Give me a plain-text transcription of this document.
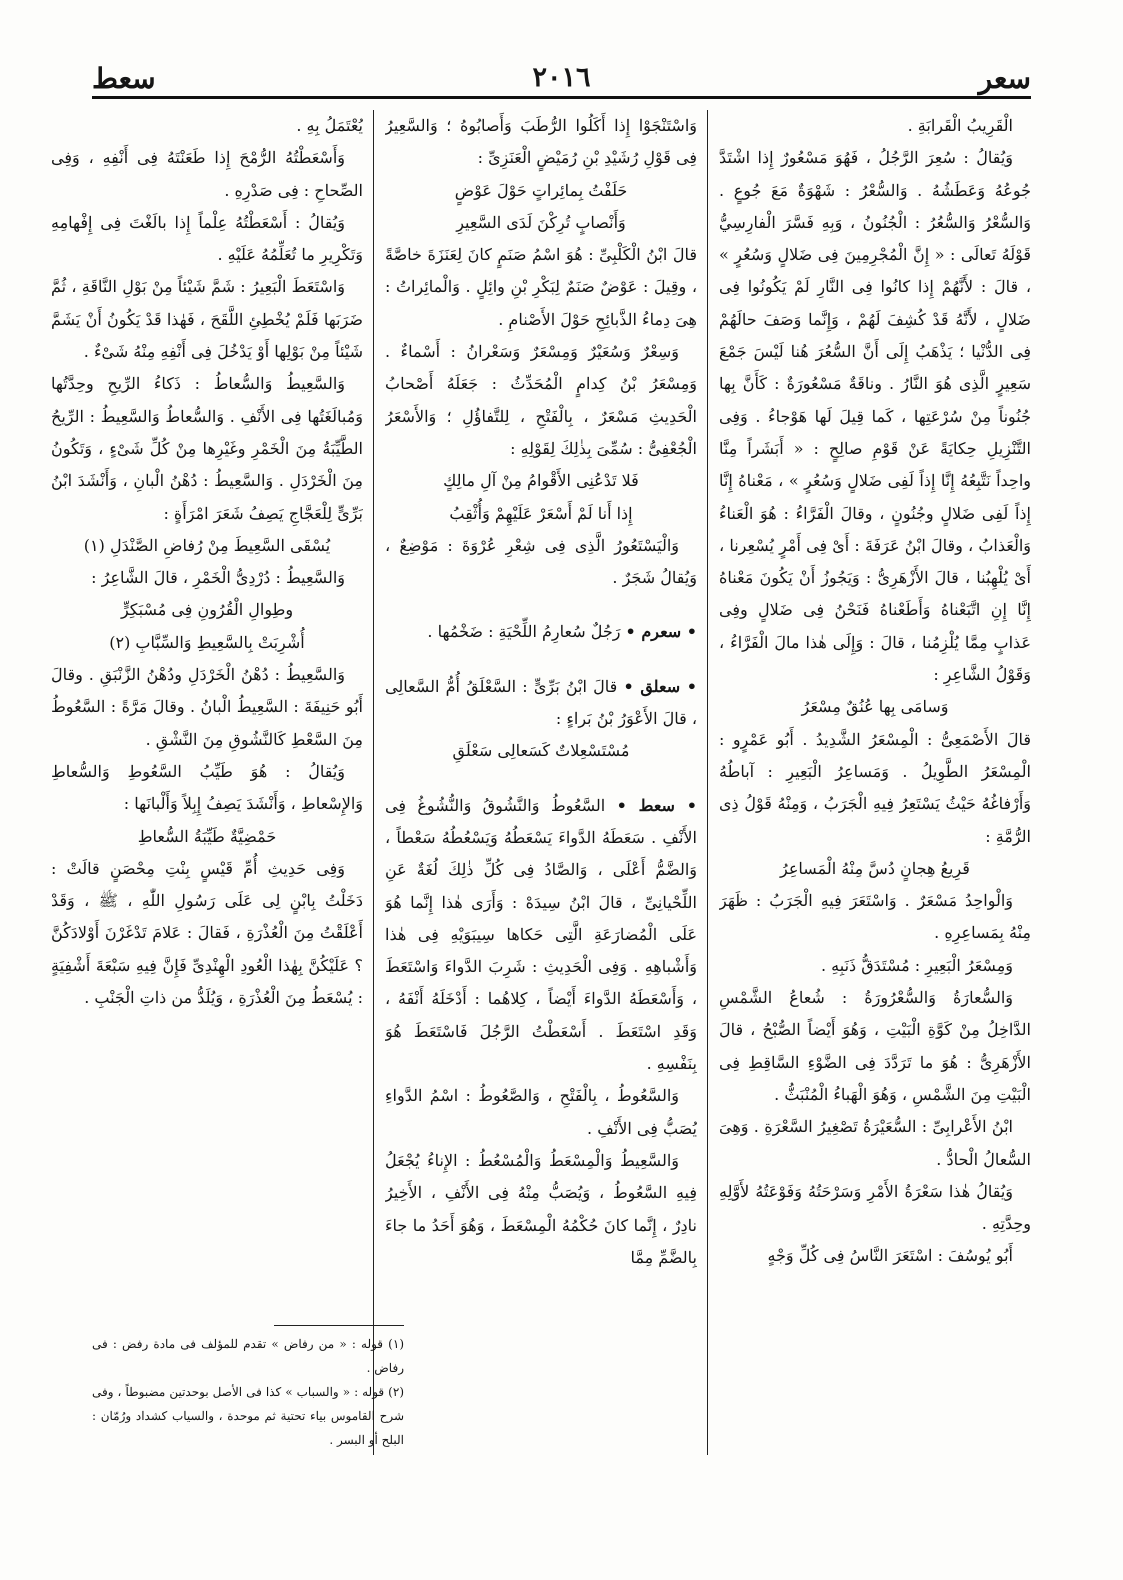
سعر
٢٠١٦
سعط

الْقَرِيبُ الْقَرابَةِ .

وَيُقالُ : سُعِرَ الرَّجُلُ ، فَهُوَ مَسْعُورٌ إِذا اشْتَدَّ جُوعُهُ وَعَطَشُهُ . وَالسُّعْرُ : شَهْوَةٌ مَعَ جُوعٍ . وَالسُّعْرُ وَالسُّعُرُ : الْجُنُونُ ، وَبِهِ فَسَّرَ الْفارِسِيُّ قَوْلَهُ تَعالَى : « إِنَّ الْمُجْرِمِينَ فِى ضَلالٍ وَسُعُرٍ » ، قالَ : لأَنَّهُمْ إِذا كانُوا فِى النَّارِ لَمْ يَكُونُوا فِى ضَلالٍ ، لأَنَّهُ قَدْ كُشِفَ لَهُمْ ، وَإِنَّما وَصَفَ حالَهُمْ فِى الدُّنْيا ؛ يَذْهَبُ إِلَى أَنَّ السُّعُرَ هُنا لَيْسَ جَمْعَ سَعِيرٍ الَّذِى هُوَ النَّارُ . وناقَةٌ مَسْعُورَةٌ : كَأَنَّ بِها جُنُوناً مِنْ سُرْعَتِها ، كَما قِيلَ لَها هَوْجاءُ . وَفِى التَّنْزِيلِ حِكايَةً عَنْ قَوْمِ صالِحٍ : « أَبَشَراً مِنَّا واحِداً نَتَّبِعُهُ إِنَّا إِذاً لَفِى ضَلالٍ وَسُعُرٍ » ، مَعْناهُ إِنَّا إِذاً لَفِى ضَلالٍ وجُنُونٍ ، وقالَ الْفَرَّاءُ : هُوَ الْعَناءُ وَالْعَذابُ ، وقالَ ابْنُ عَرَفَةَ : أَىْ فِى أَمْرٍ يُسْعِرنا ، أَىْ يُلْهِبُنا ، قالَ الأَزْهَرِىُّ : وَيَجُوزُ أَنْ يَكُونَ مَعْناهُ إِنَّا إِنِ اتَّبَعْناهُ وَأَطَعْناهُ فَنَحْنُ فِى ضَلالٍ وفِى عَذابٍ مِمَّا يُلْزِمُنا ، قالَ : وَإِلَى هٰذا مالَ الْفَرَّاءُ ، وَقَوْلُ الشَّاعِرِ :

وَسامَى بِها عُنُقٌ مِسْعَرُ

قالَ الأَصْمَعِىُّ : الْمِسْعَرُ الشَّدِيدُ . أَبُو عَمْرٍو : الْمِسْعَرُ الطَّوِيلُ . وَمَساعِرُ الْبَعِيرِ : آباطُهُ وَأَرْفاغُهُ حَيْثُ يَسْتَعِرُ فِيهِ الْجَرَبُ ، وَمِنْهُ قَوْلُ ذِى الرُّمَّةِ :

قَرِيعُ هِجانٍ دُسَّ مِنْهُ الْمَساعِرُ

وَالْواحِدُ مَسْعَرٌ . وَاسْتَعَرَ فِيهِ الْجَرَبُ : ظَهَرَ مِنْهُ بِمَساعِرِهِ .

وَمِسْعَرُ الْبَعِيرِ : مُسْتَدَقُّ ذَنَبِهِ .

وَالسُّعارَةُ وَالسُّعْرُورَةُ : شُعاعُ الشَّمْسِ الدَّاخِلُ مِنْ كَوَّةِ الْبَيْتِ ، وَهُوَ أَيْضاً الصُّبْحُ ، قالَ الأَزْهَرِىُّ : هُوَ ما تَرَدَّدَ فِى الضَّوْءِ السَّاقِطِ فِى الْبَيْتِ مِنَ الشَّمْسِ ، وَهُوَ الْهَباءُ الْمُنْبَثُّ .

ابْنُ الأَعْرابِىِّ : السُّعَيْرَةُ تَصْغِيرُ السَّعْرَةِ . وَهِىَ السُّعالُ الْحادُّ .

وَيُقالُ هٰذا سَعْرَةُ الأَمْرِ وَسَرْحَتُهُ وَفَوْعَتُهُ لأَوَّلِهِ وحِدَّتِهِ .

أَبُو يُوسُفَ : اسْتَعَرَ النَّاسُ فِى كُلِّ وَجْهٍ

وَاسْتَنْجَوْا إِذا أَكَلُوا الرُّطَبَ وَأَصابُوهُ ؛ وَالسَّعِيرُ فِى قَوْلِ رُشَيْدِ بْنِ رُمَيْضٍ الْعَنَزِىِّ :

حَلَفْتُ بِمائِراتٍ حَوْلَ عَوْضٍ

وَأَنْصابٍ تُرِكْنَ لَدَى السَّعِيرِ

قالَ ابْنُ الْكَلْبِىِّ : هُوَ اسْمُ صَنَمٍ كانَ لِعَنَزَةَ خاصَّةً ، وقِيلَ : عَوْضٌ صَنَمٌ لِبَكْرِ بْنِ وائِلٍ . وَالْمائِراتُ : هِىَ دِماءُ الذَّبائِحِ حَوْلَ الأَصْنامِ .

وَسِعْرٌ وَسُعَيْرٌ وَمِسْعَرٌ وَسَعْرانُ : أَسْماءٌ . وَمِسْعَرُ بْنُ كِدامٍ الْمُحَدِّثُ : جَعَلَهُ أَصْحابُ الْحَدِيثِ مَسْعَرٌ ، بِالْفَتْحِ ، لِلتَّفاؤُلِ ؛ وَالأَسْعَرُ الْجُعْفِىُّ : سُمِّىَ بِذٰلِكَ لِقَوْلِهِ :

فَلا تَدْعُنِى الأَقْوامُ مِنْ آلِ مالِكٍ

إِذا أَنا لَمْ أَسْعَرْ عَلَيْهِمْ وَأُثْقِبُ

وَالْيَسْتَعُورُ الَّذِى فِى شِعْرِ عُرْوَةَ : مَوْضِعٌ ، وَيُقالُ شَجَرٌ .

• سعرم • رَجُلٌ سُعارِمُ اللِّحْيَةِ : ضَخْمُها .

• سعلق • قالَ ابْنُ بَرِّىٍّ : السَّعْلَقُ أُمُّ السَّعالِى ، قالَ الأَعْوَرُ بْنُ بَراءٍ :

مُسْتَسْعِلاتٌ كَسَعالِى سَعْلَقِ

• سعط • السَّعُوطُ وَالنَّشُوقُ وَالنُّشُوغُ فِى الأَنْفِ . سَعَطَهُ الدَّواءَ يَسْعَطُهُ وَيَسْعُطُهُ سَعْطاً ، وَالضَّمُّ أَعْلَى ، وَالصَّادُ فِى كُلِّ ذٰلِكَ لُغَةٌ عَنِ اللِّحْيانِىِّ ، قالَ ابْنُ سِيدَهْ : وَأَرَى هٰذا إِنَّما هُوَ عَلَى الْمُضارَعَةِ الَّتِى حَكاها سِيبَوَيْهِ فِى هٰذا وَأَشْباهِهِ . وَفِى الْحَدِيثِ : شَرِبَ الدَّواءَ وَاسْتَعَطَ ، وَأَسْعَطَهُ الدَّواءَ أَيْضاً ، كِلاهُما : أَدْخَلَهُ أَنْفَهُ ، وَقَدِ اسْتَعَطَ . أَسْعَطْتُ الرَّجُلَ فَاسْتَعَطَ هُوَ بِنَفْسِهِ .

وَالسَّعُوطُ ، بِالْفَتْحِ ، وَالصَّعُوطُ : اسْمُ الدَّواءِ يُصَبُّ فِى الأَنْفِ .

وَالسَّعِيطُ وَالْمِسْعَطُ وَالْمُسْعُطُ : الإِناءُ يُجْعَلُ فِيهِ السَّعُوطُ ، وَيُصَبُّ مِنْهُ فِى الأَنْفِ ، الأَخِيرُ نادِرٌ ، إِنَّما كانَ حُكْمُهُ الْمِسْعَطَ ، وَهُوَ أَحَدُ ما جاءَ بِالضَّمِّ مِمَّا

يُعْتَمَلُ بِهِ .

وَأَسْعَطْتُهُ الرُّمْحَ إِذا طَعَنْتَهُ فِى أَنْفِهِ ، وَفِى الصِّحاحِ : فِى صَدْرِهِ .

وَيُقالُ : أَسْعَطْتُهُ عِلْماً إِذا بالَغْتَ فِى إِفْهامِهِ وَتَكْرِيرِ ما تُعَلِّمُهُ عَلَيْهِ .

وَاسْتَعَطَ الْبَعِيرُ : شَمَّ شَيْئاً مِنْ بَوْلِ النَّاقَةِ ، ثُمَّ ضَرَبَها فَلَمْ يُخْطِئِ اللَّقَحَ ، فَهٰذا قَدْ يَكُونُ أَنْ يَشَمَّ شَيْئاً مِنْ بَوْلِها أَوْ يَدْخُلَ فِى أَنْفِهِ مِنْهُ شَىْءٌ .

وَالسَّعِيطُ وَالسُّعاطُ : ذَكاءُ الرِّيحِ وحِدَّتُها وَمُبالَغَتُها فِى الأَنْفِ . وَالسُّعاطُ وَالسَّعِيطُ : الرِّيحُ الطَّيِّبَةُ مِنَ الْخَمْرِ وغَيْرِها مِنْ كُلِّ شَىْءٍ ، وَتَكُونُ مِنَ الْخَرْدَلِ . وَالسَّعِيطُ : دُهْنُ الْبانِ ، وَأَنْشَدَ ابْنُ بَرِّىٍّ لِلْعَجَّاجِ يَصِفُ شَعَرَ امْرَأَةٍ :

يُسْقَى السَّعِيطَ مِنْ رُفاضِ الصَّنْدَلِ (١)

وَالسَّعِيطُ : دُرْدِىُّ الْخَمْرِ ، قالَ الشَّاعِرُ :

وطِوالِ الْقُرُونِ فِى مُسْبَكِرٍّ

أُشْرِبَتْ بِالسَّعِيطِ وَالسِّبَّابِ (٢)

وَالسَّعِيطُ : دُهْنُ الْخَرْدَلِ ودُهْنُ الزَّنْبَقِ . وقالَ أَبُو حَنِيفَةَ : السَّعِيطُ الْبانُ . وقالَ مَرَّةً : السَّعُوطُ مِنَ السَّعْطِ كَالنَّشُوقِ مِنَ النَّشْقِ .

وَيُقالُ : هُوَ طَيِّبُ السَّعُوطِ وَالسُّعاطِ وَالإِسْعاطِ ، وَأَنْشَدَ يَصِفُ إِبِلاً وَأَلْبانَها :

حَمْضِيَّةٌ طَيِّبَةُ السُّعاطِ

وَفِى حَدِيثِ أُمِّ قَيْسٍ بِنْتِ مِحْصَنٍ قالَتْ : دَخَلْتُ بِابْنٍ لِى عَلَى رَسُولِ اللّٰهِ ، ﷺ ، وَقَدْ أَعْلَقْتُ مِنَ الْعُذْرَةِ ، فَقالَ : عَلامَ تَدْغَرْنَ أَوْلادَكُنَّ ؟ عَلَيْكُنَّ بِهٰذا الْعُودِ الْهِنْدِىِّ فَإِنَّ فِيهِ سَبْعَةَ أَشْفِيَةٍ : يُسْعَطُ مِنَ الْعُذْرَةِ ، وَيُلَدُّ من ذاتِ الْجَنْبِ .

(١) قوله : « من رفاض » تقدم للمؤلف فى مادة رفض : فى رفاض .

(٢) قوله : « والسباب » كذا فى الأصل بوحدتين مضبوطاً ، وفى شرح القاموس بياء تحتية ثم موحدة ، والسياب كشداد ورُمّان : البلح أو البسر .
